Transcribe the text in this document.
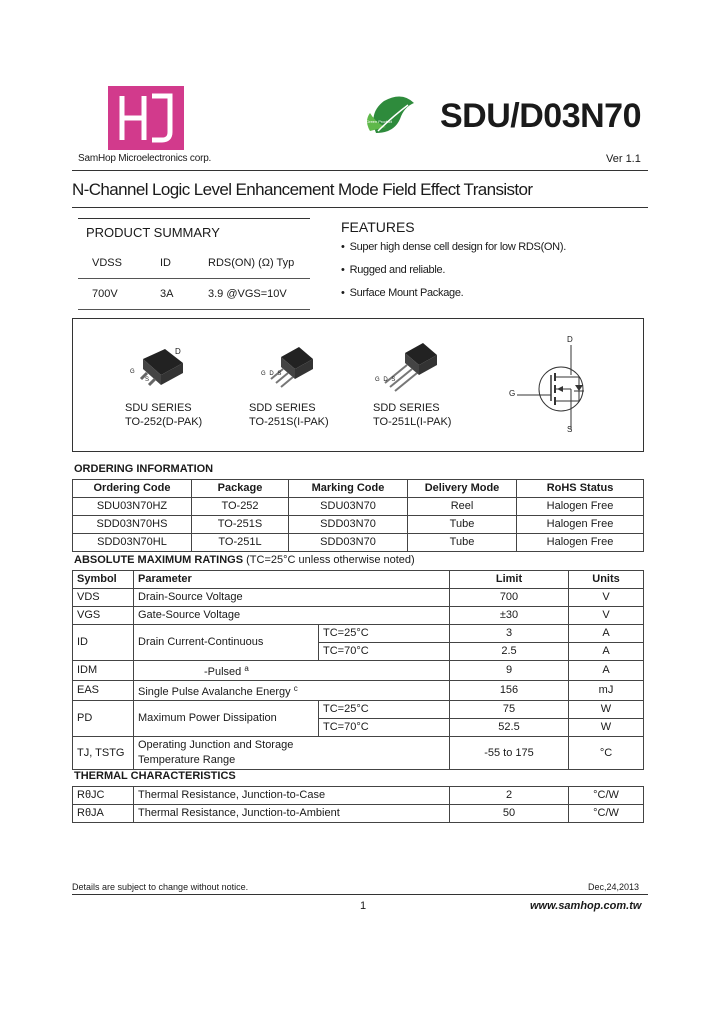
SamHop Microelectronics corp.
Green Product SDU/D03N70
Ver 1.1
N-Channel Logic Level Enhancement Mode Field Effect Transistor
PRODUCT SUMMARY
VDSS	ID	RDS(ON) (Ω) Typ
700V	3A	3.9 @VGS=10V
FEATURES
• Super high dense cell design for low RDS(ON).
• Rugged and reliable.
• Surface Mount Package.
D
G
S
SDU SERIES
TO-252(D-PAK)
G D S
SDD SERIES
TO-251S(I-PAK)
G D S
SDD SERIES
TO-251L(I-PAK)
D
G
S
ORDERING INFORMATION
Ordering Code	Package	Marking Code	Delivery Mode	RoHS Status
SDU03N70HZ	TO-252	SDU03N70	Reel	Halogen Free
SDD03N70HS	TO-251S	SDD03N70	Tube	Halogen Free
SDD03N70HL	TO-251L	SDD03N70	Tube	Halogen Free
ABSOLUTE MAXIMUM RATINGS (TC=25°C unless otherwise noted)
Symbol	Parameter		Limit	Units
VDS	Drain-Source Voltage		700	V
VGS	Gate-Source Voltage		±30	V
ID	Drain Current-Continuous	TC=25°C	3	A
		TC=70°C	2.5	A
IDM	-Pulsed $^a$		9	A
EAS	Single Pulse Avalanche Energy $^c$		156	mJ
PD	Maximum Power Dissipation	TC=25°C	75	W
		TC=70°C	52.5	W
TJ, TSTG	Operating Junction and Storage
Temperature Range		-55 to 175	°C
THERMAL CHARACTERISTICS
RθJC	Thermal Resistance, Junction-to-Case	2	°C/W
RθJA	Thermal Resistance, Junction-to-Ambient	50	°C/W
Details are subject to change without notice.	Dec,24,2013
1	www.samhop.com.tw
